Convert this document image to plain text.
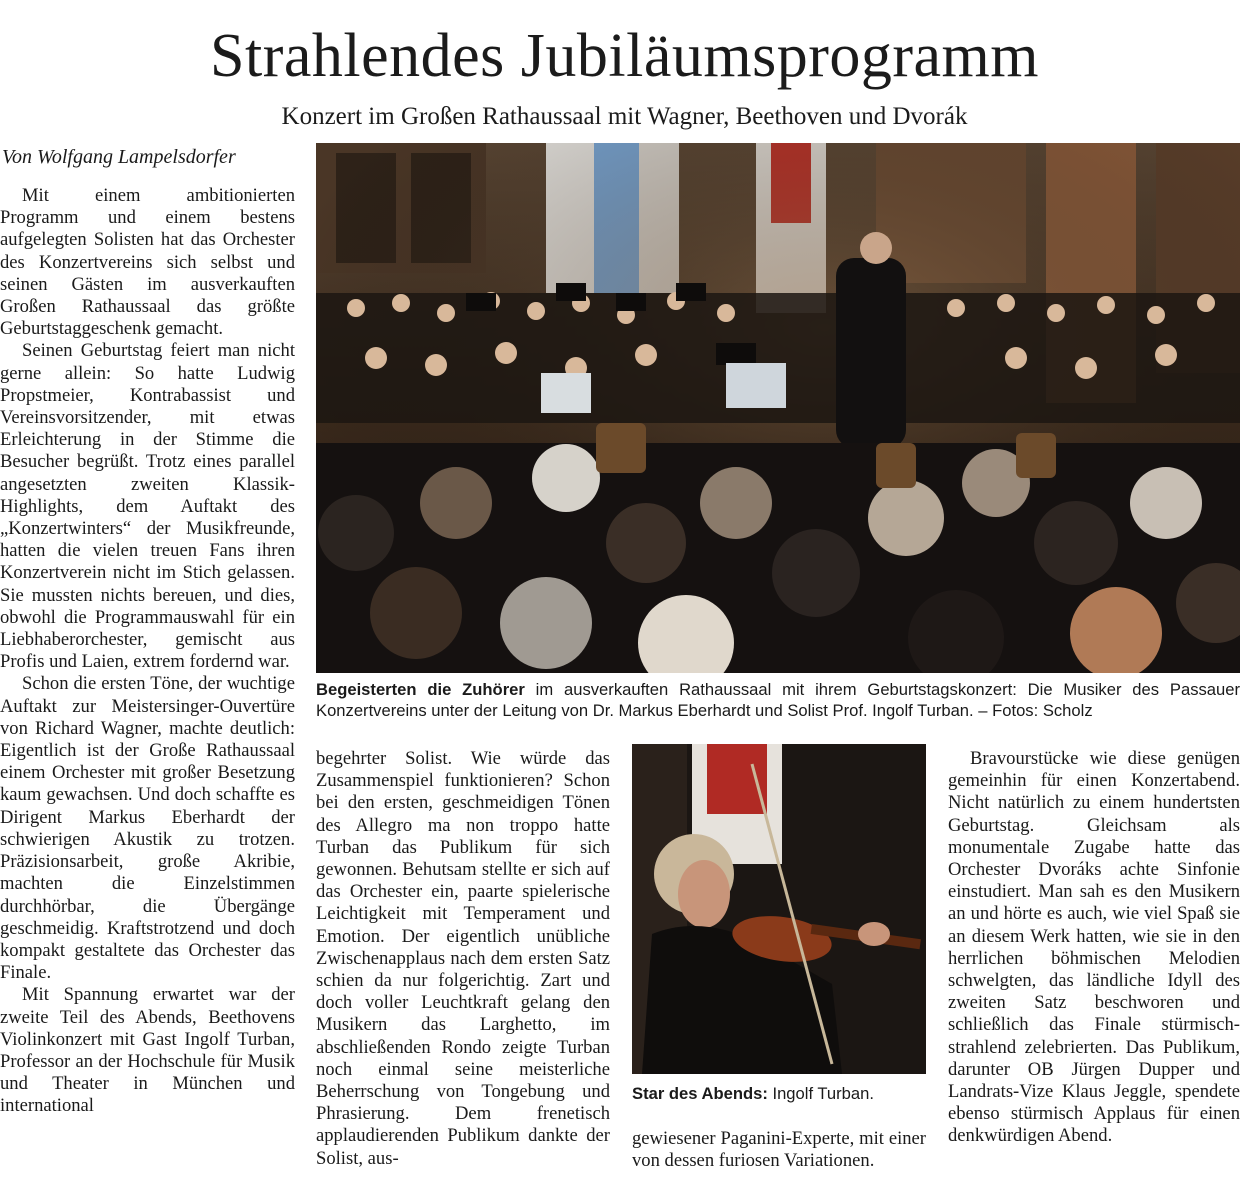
Strahlendes Jubiläumsprogramm
Konzert im Großen Rathaussaal mit Wagner, Beethoven und Dvorák
Von Wolfgang Lampelsdorfer

Mit einem ambitionierten Programm und einem bestens aufgelegten Solisten hat das Orchester des Konzertvereins sich selbst und seinen Gästen im ausverkauften Großen Rathaussaal das größte Geburtstaggeschenk gemacht.

Seinen Geburtstag feiert man nicht gerne allein: So hatte Ludwig Propstmeier, Kontrabassist und Vereinsvorsitzender, mit etwas Erleichterung in der Stimme die Besucher begrüßt. Trotz eines parallel angesetzten zweiten Klassik-Highlights, dem Auftakt des „Konzertwinters“ der Musikfreunde, hatten die vielen treuen Fans ihren Konzertverein nicht im Stich gelassen. Sie mussten nichts bereuen, und dies, obwohl die Programmauswahl für ein Liebhaberorchester, gemischt aus Profis und Laien, extrem fordernd war.

Schon die ersten Töne, der wuchtige Auftakt zur Meistersinger-Ouvertüre von Richard Wagner, machte deutlich: Eigentlich ist der Große Rathaussaal einem Orchester mit großer Besetzung kaum gewachsen. Und doch schaffte es Dirigent Markus Eberhardt der schwierigen Akustik zu trotzen. Präzisionsarbeit, große Akribie, machten die Einzelstimmen durchhörbar, die Übergänge geschmeidig. Kraftstrotzend und doch kompakt gestaltete das Orchester das Finale.

Mit Spannung erwartet war der zweite Teil des Abends, Beethovens Violinkonzert mit Gast Ingolf Turban, Professor an der Hochschule für Musik und Theater in München und international

Begeisterten die Zuhörer im ausverkauften Rathaussaal mit ihrem Geburtstagskonzert: Die Musiker des Passauer Konzertvereins unter der Leitung von Dr. Markus Eberhardt und Solist Prof. Ingolf Turban. – Fotos: Scholz

begehrter Solist. Wie würde das Zusammenspiel funktionieren? Schon bei den ersten, geschmeidigen Tönen des Allegro ma non troppo hatte Turban das Publikum für sich gewonnen. Behutsam stellte er sich auf das Orchester ein, paarte spielerische Leichtigkeit mit Temperament und Emotion. Der eigentlich unübliche Zwischenapplaus nach dem ersten Satz schien da nur folgerichtig. Zart und doch voller Leuchtkraft gelang den Musikern das Larghetto, im abschließenden Rondo zeigte Turban noch einmal seine meisterliche Beherrschung von Tongebung und Phrasierung. Dem frenetisch applaudierenden Publikum dankte der Solist, aus-

Star des Abends: Ingolf Turban.

gewiesener Paganini-Experte, mit einer von dessen furiosen Variationen.

Bravourstücke wie diese genügen gemeinhin für einen Konzertabend. Nicht natürlich zu einem hundertsten Geburtstag. Gleichsam als monumentale Zugabe hatte das Orchester Dvoráks achte Sinfonie einstudiert. Man sah es den Musikern an und hörte es auch, wie viel Spaß sie an diesem Werk hatten, wie sie in den herrlichen böhmischen Melodien schwelgten, das ländliche Idyll des zweiten Satz beschworen und schließlich das Finale stürmisch-strahlend zelebrierten. Das Publikum, darunter OB Jürgen Dupper und Landrats-Vize Klaus Jeggle, spendete ebenso stürmisch Applaus für einen denkwürdigen Abend.
